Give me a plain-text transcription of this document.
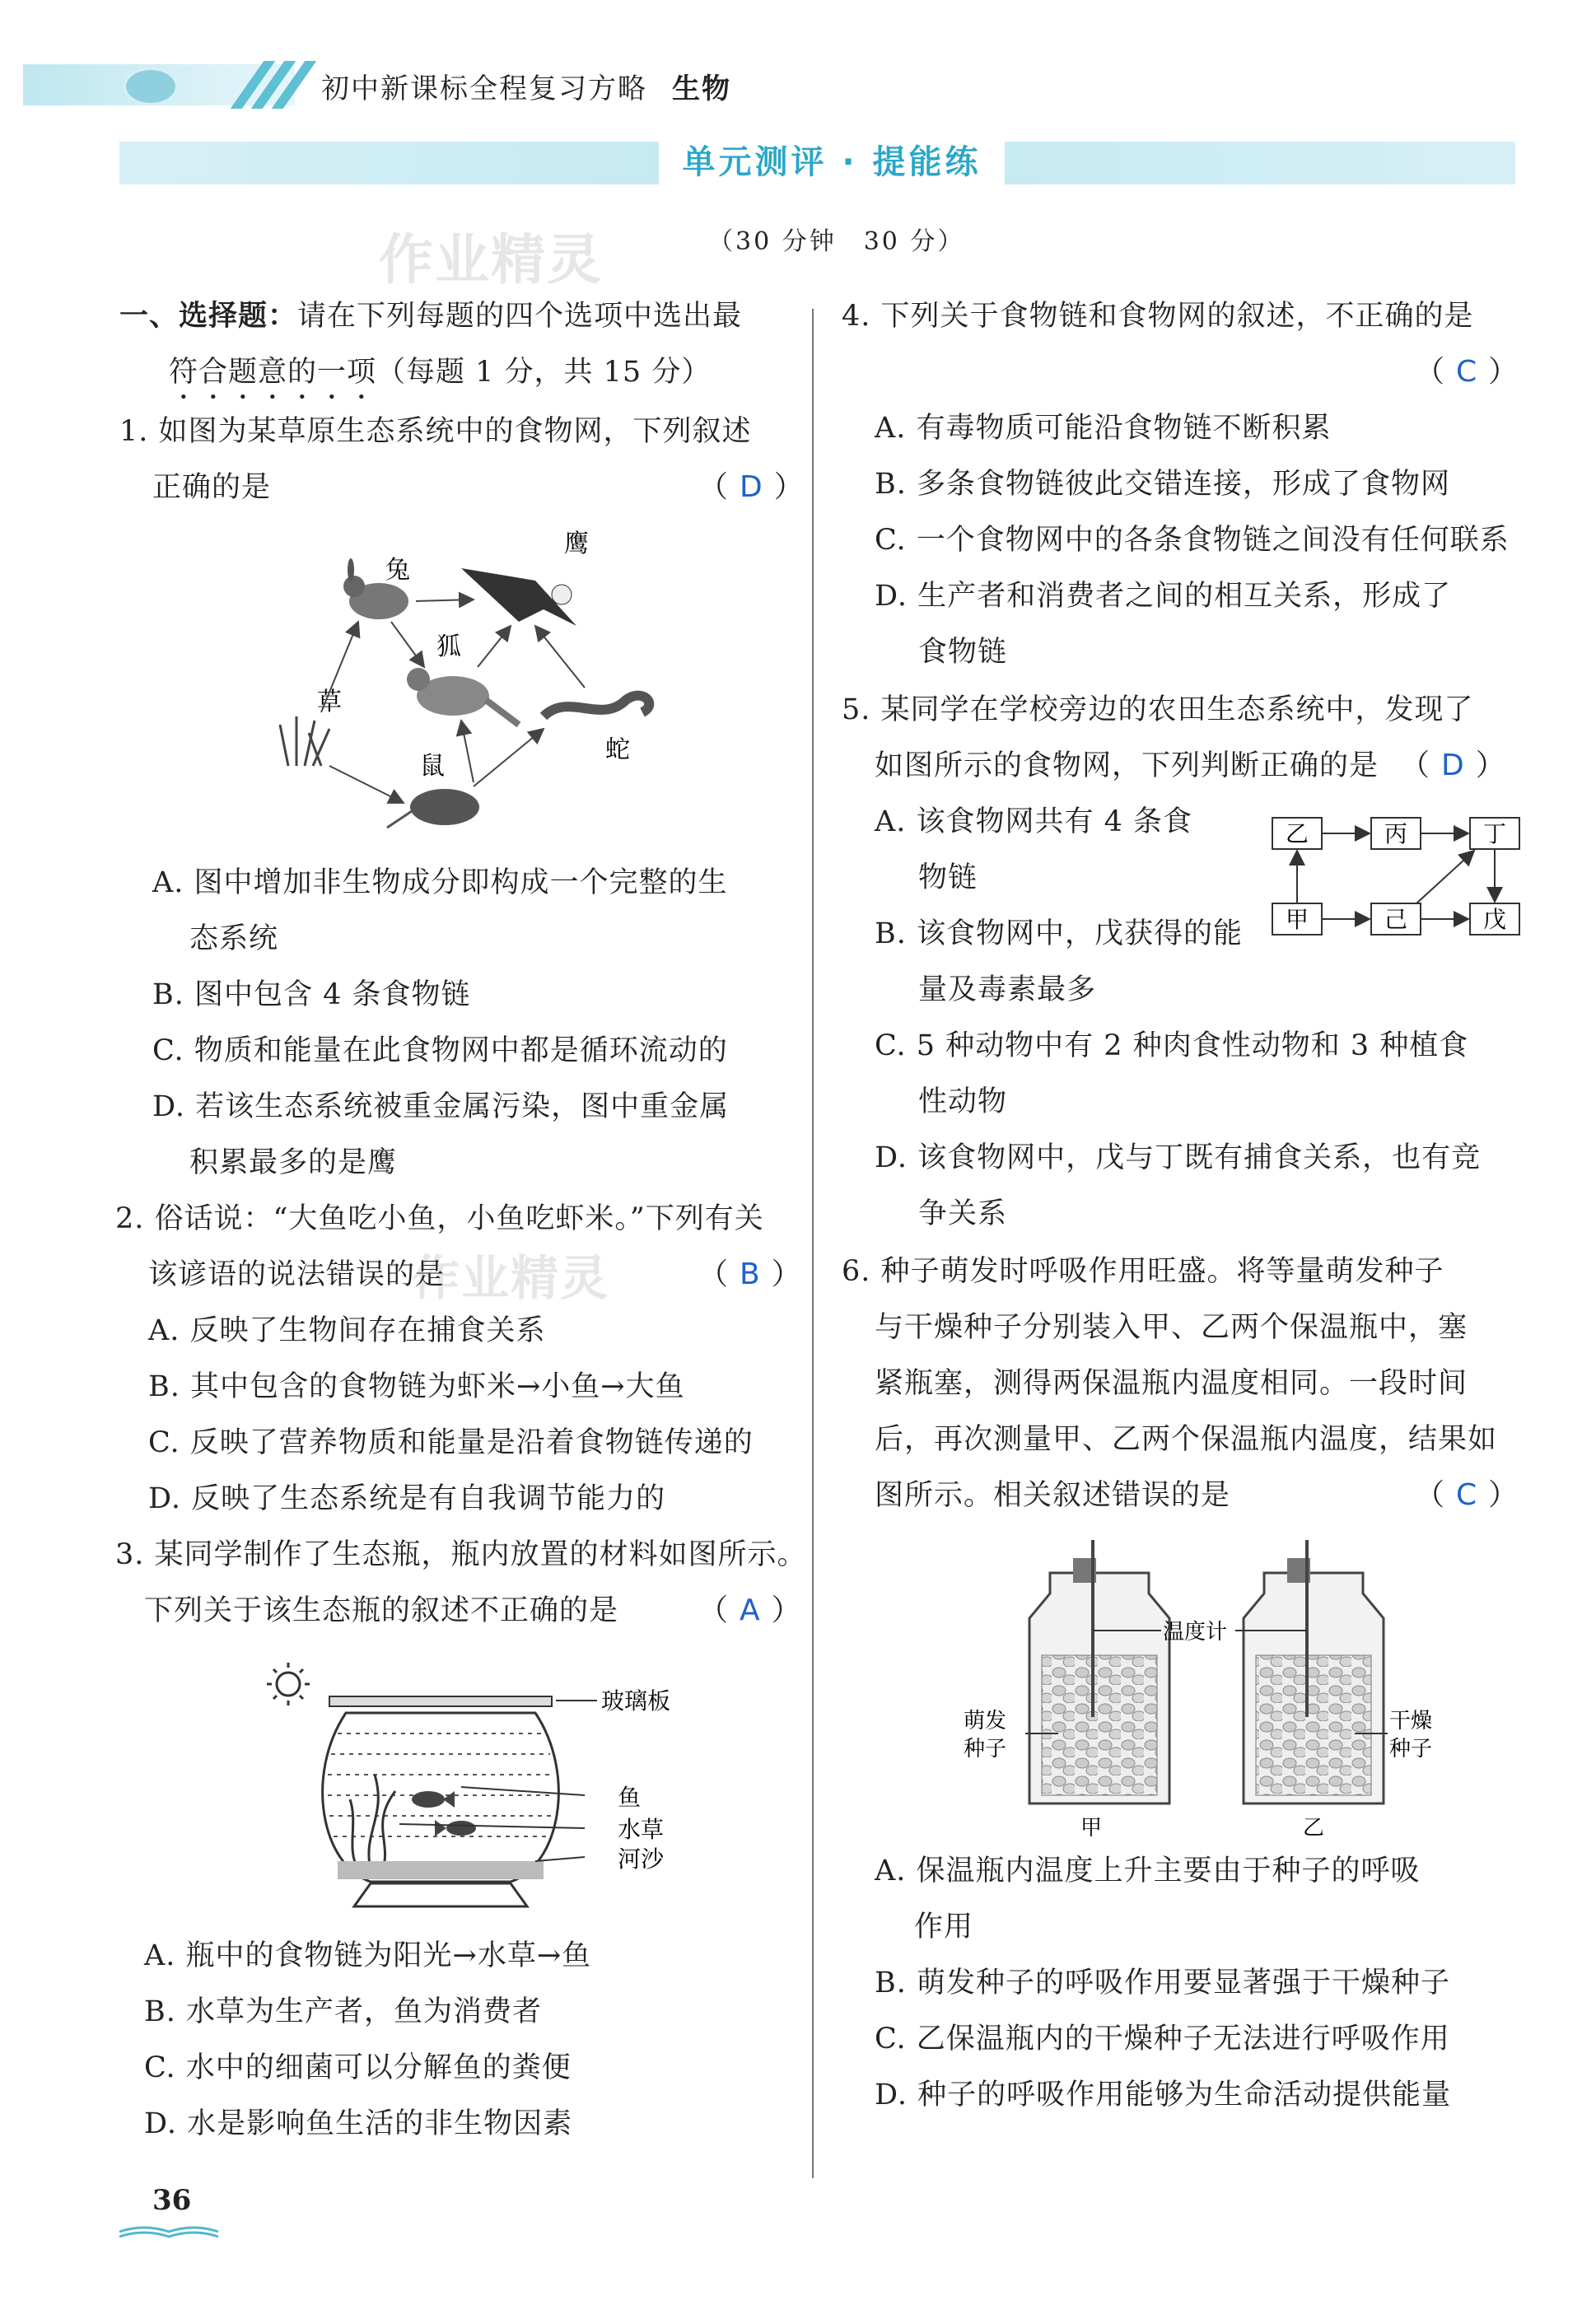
初中新课标全程复习方略 生物
单元测评 · 提能练
（30 分钟　30 分）
作业精灵
作业精灵
一、选择题：请在下列每题的四个选项中选出最
符合题意的一项（每题 1 分，共 15 分）
1. 如图为某草原生态系统中的食物网，下列叙述
正确的是	（ D ）
兔
鹰
狐
草
蛇
鼠
A. 图中增加非生物成分即构成一个完整的生
态系统
B. 图中包含 4 条食物链
C. 物质和能量在此食物网中都是循环流动的
D. 若该生态系统被重金属污染，图中重金属
积累最多的是鹰
2. 俗话说：“大鱼吃小鱼，小鱼吃虾米。”下列有关
该谚语的说法错误的是	（ B ）
A. 反映了生物间存在捕食关系
B. 其中包含的食物链为虾米→小鱼→大鱼
C. 反映了营养物质和能量是沿着食物链传递的
D. 反映了生态系统是有自我调节能力的
3. 某同学制作了生态瓶，瓶内放置的材料如图所示。
下列关于该生态瓶的叙述不正确的是	（ A ）
玻璃板
鱼
水草
河沙
A. 瓶中的食物链为阳光→水草→鱼
B. 水草为生产者，鱼为消费者
C. 水中的细菌可以分解鱼的粪便
D. 水是影响鱼生活的非生物因素
4. 下列关于食物链和食物网的叙述，不正确的是
（ C ）
A. 有毒物质可能沿食物链不断积累
B. 多条食物链彼此交错连接，形成了食物网
C. 一个食物网中的各条食物链之间没有任何联系
D. 生产者和消费者之间的相互关系，形成了
食物链
5. 某同学在学校旁边的农田生态系统中，发现了
如图所示的食物网，下列判断正确的是 （ D ）
A. 该食物网共有 4 条食
物链
B. 该食物网中，戊获得的能
量及毒素最多
乙	丙	丁
甲	己	戊
C. 5 种动物中有 2 种肉食性动物和 3 种植食
性动物
D. 该食物网中，戊与丁既有捕食关系，也有竞
争关系
6. 种子萌发时呼吸作用旺盛。将等量萌发种子
与干燥种子分别装入甲、乙两个保温瓶中，塞
紧瓶塞，测得两保温瓶内温度相同。一段时间
后，再次测量甲、乙两个保温瓶内温度，结果如
图所示。相关叙述错误的是	（ C ）
温度计
萌发
种子
干燥
种子
甲	乙
A. 保温瓶内温度上升主要由于种子的呼吸
作用
B. 萌发种子的呼吸作用要显著强于干燥种子
C. 乙保温瓶内的干燥种子无法进行呼吸作用
D. 种子的呼吸作用能够为生命活动提供能量
36
